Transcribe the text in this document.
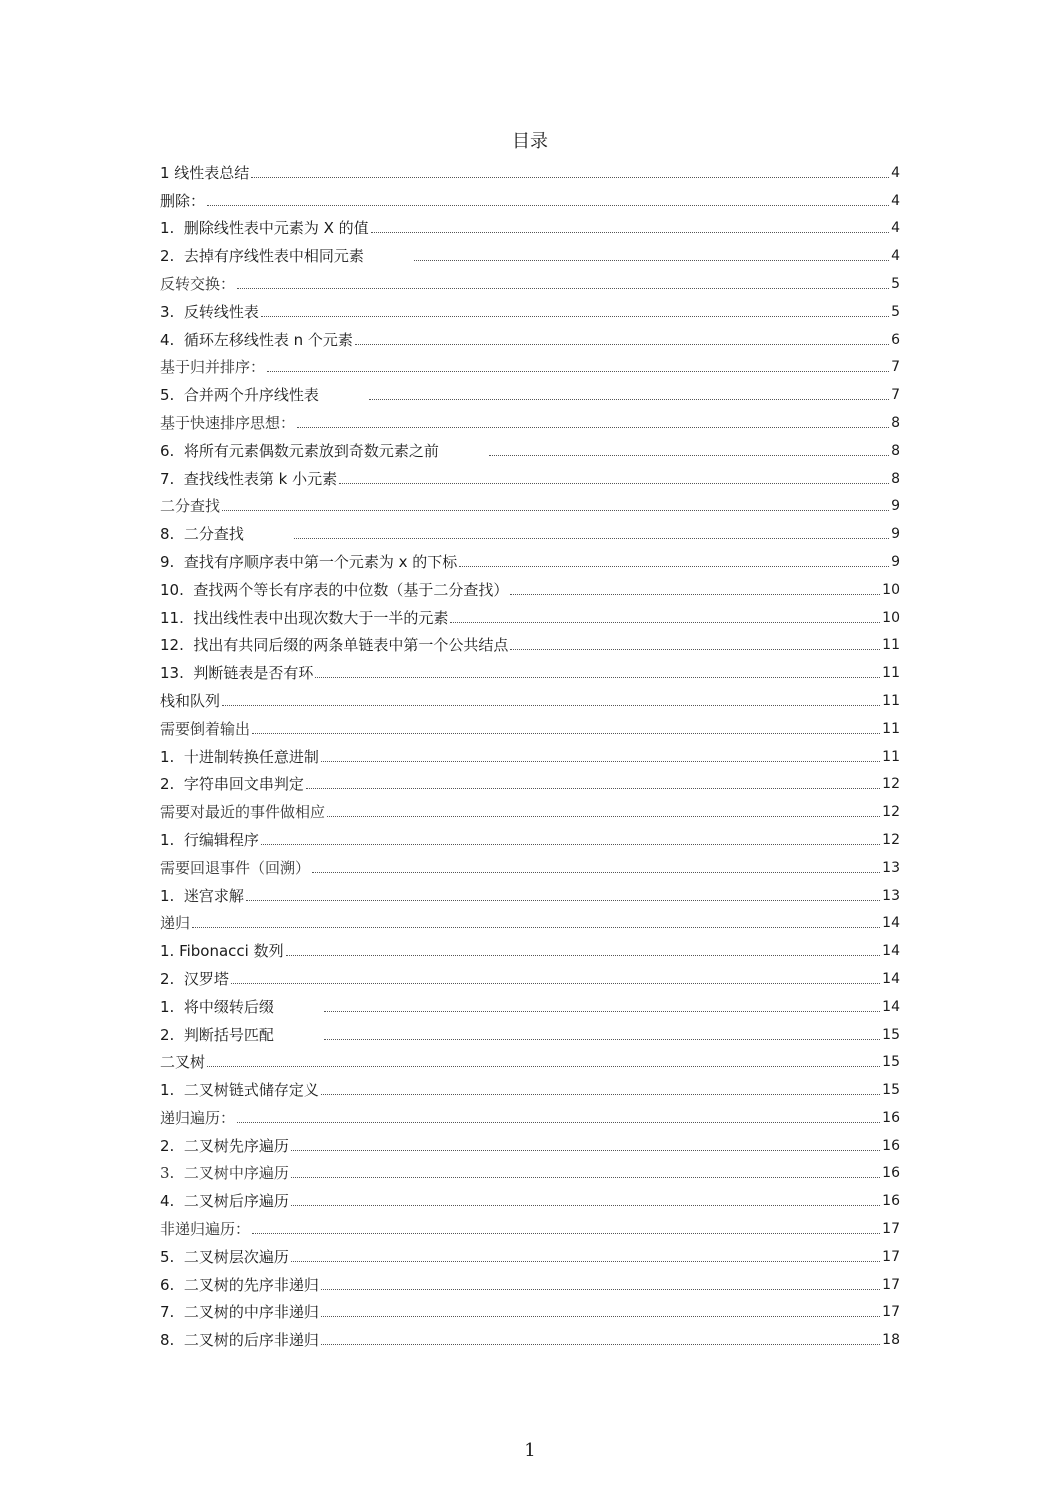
目录
1 线性表总结	4
删除：	4
1.  删除线性表中元素为 X 的值	4
2.  去掉有序线性表中相同元素	4
反转交换：	5
3.  反转线性表	5
4.  循环左移线性表 n 个元素	6
基于归并排序：	7
5.  合并两个升序线性表	7
基于快速排序思想：	8
6.  将所有元素偶数元素放到奇数元素之前	8
7.  查找线性表第 k 小元素	8
二分查找	9
8.  二分查找	9
9.  查找有序顺序表中第一个元素为 x 的下标	9
10.  查找两个等长有序表的中位数（基于二分查找）	10
11.  找出线性表中出现次数大于一半的元素	10
12.  找出有共同后缀的两条单链表中第一个公共结点	11
13.  判断链表是否有环	11
栈和队列	11
需要倒着输出	11
1.  十进制转换任意进制	11
2.  字符串回文串判定	12
需要对最近的事件做相应	12
1.  行编辑程序	12
需要回退事件（回溯）	13
1.  迷宫求解	13
递归	14
1. Fibonacci 数列	14
2.  汉罗塔	14
1.  将中缀转后缀	14
2.  判断括号匹配	15
二叉树	15
1.  二叉树链式储存定义	15
递归遍历：	16
2.  二叉树先序遍历	16
3.  二叉树中序遍历	16
4.  二叉树后序遍历	16
非递归遍历：	17
5.  二叉树层次遍历	17
6.  二叉树的先序非递归	17
7.  二叉树的中序非递归	17
8.  二叉树的后序非递归	18
1
